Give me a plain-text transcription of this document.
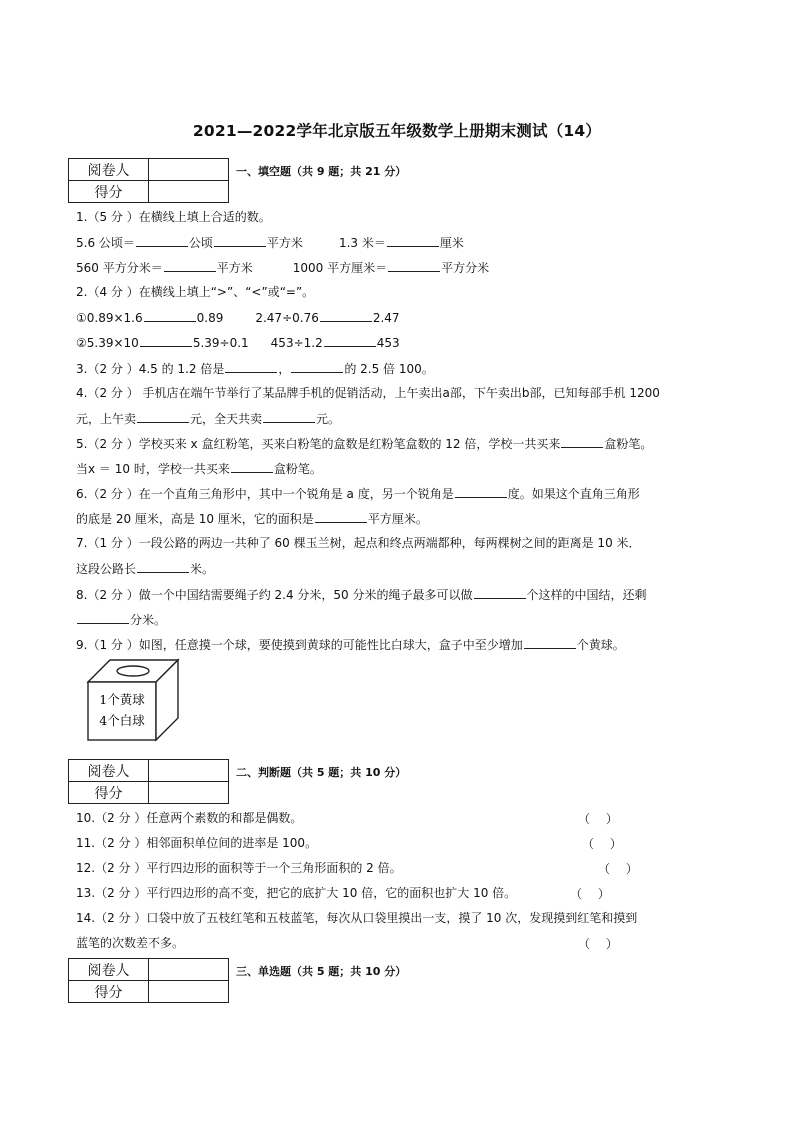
2021—2022学年北京版五年级数学上册期末测试（14）
阅卷人	
得分	
一、填空题（共 9 题；共 21 分）
1.（5 分 ）在横线上填上合适的数。
5.6 公顷＝	公顷	平方米	1.3 米＝	厘米
560 平方分米＝	平方米	1000 平方厘米＝	平方分米
2.（4 分 ）在横线上填上“>”、“<”或“=”。
①0.89×1.6	0.89	2.47÷0.76	2.47
②5.39×10	5.39÷0.1 453÷1.2	453
3.（2 分 ）4.5 的 1.2 倍是	，	的 2.5 倍 100。
4.（2 分 ） 手机店在端午节举行了某品牌手机的促销活动，上午卖出a部，下午卖出b部，已知每部手机 1200
元，上午卖	元，全天共卖	元。
5.（2 分 ）学校买来 x 盒红粉笔，买来白粉笔的盒数是红粉笔盒数的 12 倍，学校一共买来	盒粉笔。
当x ＝ 10 时，学校一共买来	盒粉笔。
6.（2 分 ）在一个直角三角形中，其中一个锐角是 a 度，另一个锐角是	度。如果这个直角三角形
的底是 20 厘米，高是 10 厘米，它的面积是	平方厘米。
7.（1 分 ）一段公路的两边一共种了 60 棵玉兰树，起点和终点两端都种，每两棵树之间的距离是 10 米．
这段公路长	米。
8.（2 分 ）做一个中国结需要绳子约 2.4 分米，50 分米的绳子最多可以做	个这样的中国结，还剩
分米。
9.（1 分 ）如图，任意摸一个球，要使摸到黄球的可能性比白球大，盒子中至少增加	个黄球。
1个黄球
4个白球
阅卷人	
得分	
二、判断题（共 5 题；共 10 分）
10.（2 分 ）任意两个素数的和都是偶数。	（　 ）
11.（2 分 ）相邻面积单位间的进率是 100。	（　 ）
12.（2 分 ）平行四边形的面积等于一个三角形面积的 2 倍。	（　 ）
13.（2 分 ）平行四边形的高不变，把它的底扩大 10 倍，它的面积也扩大 10 倍。	（　 ）
14.（2 分 ）口袋中放了五枝红笔和五枝蓝笔，每次从口袋里摸出一支，摸了 10 次，发现摸到红笔和摸到
蓝笔的次数差不多。	（　 ）
阅卷人	
得分	
三、单选题（共 5 题；共 10 分）
